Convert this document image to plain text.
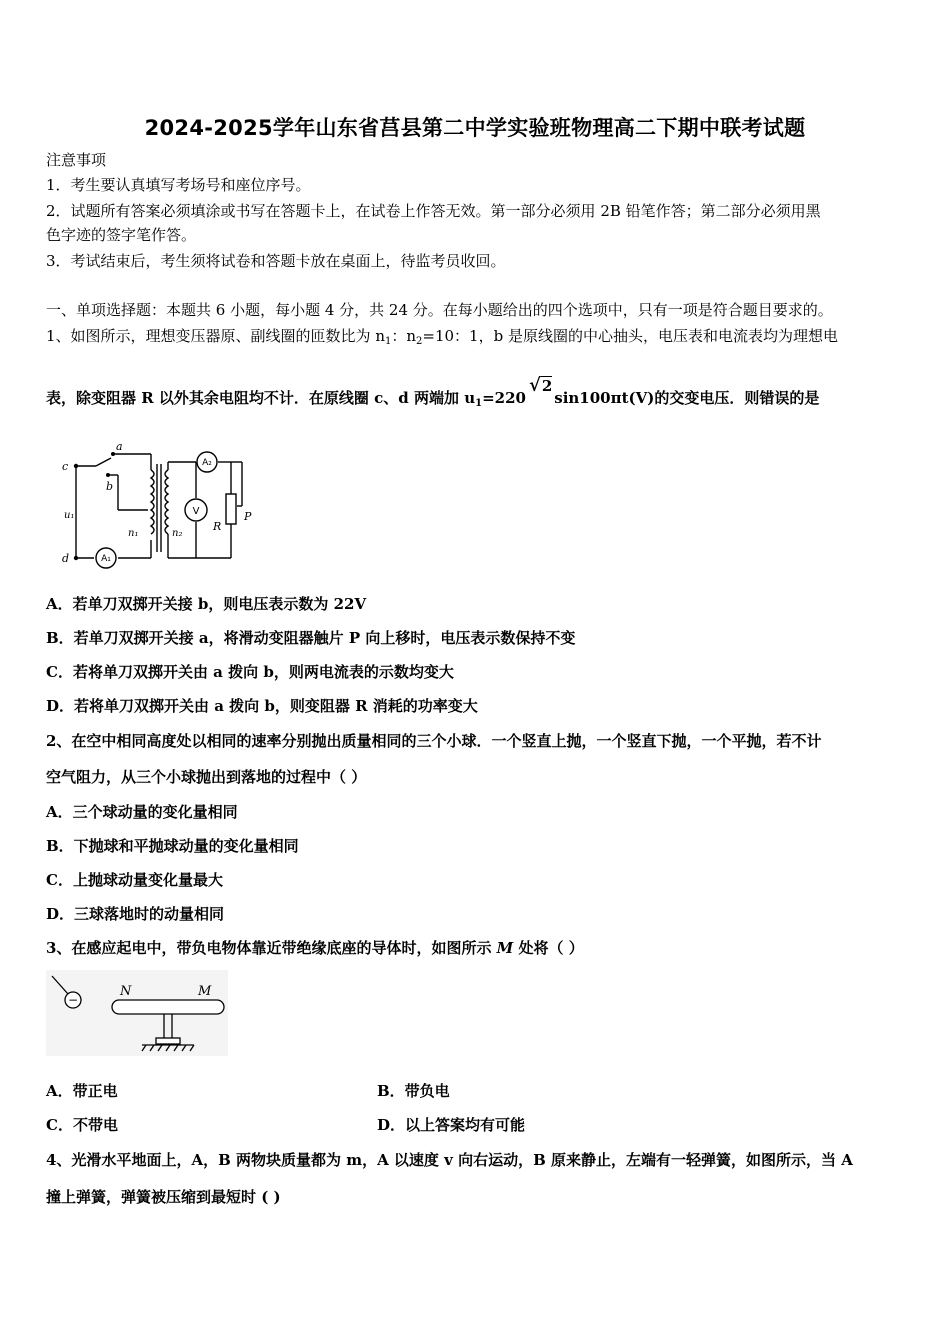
2024-2025学年山东省莒县第二中学实验班物理高二下期中联考试题
注意事项
1．考生要认真填写考场号和座位序号。
2．试题所有答案必须填涂或书写在答题卡上，在试卷上作答无效。第一部分必须用 2B 铅笔作答；第二部分必须用黑
色字迹的签字笔作答。
3．考试结束后，考生须将试卷和答题卡放在桌面上，待监考员收回。
一、单项选择题：本题共 6 小题，每小题 4 分，共 24 分。在每小题给出的四个选项中，只有一项是符合题目要求的。
1、如图所示，理想变压器原、副线圈的匝数比为 $n_1$：$n_2=10$：1，b 是原线圈的中心抽头，电压表和电流表均为理想电
表，除变阻器 R 以外其余电阻均不计．在原线圈 c、d 两端加 $u_1=220√2\sin 100\pi t(V)$的交变电压．则错误的是
c
d
a
b
u₁
n₁	n₂
R
P
A₁
A₂
V
A．若单刀双掷开关接 b，则电压表示数为 22V
B．若单刀双掷开关接 a，将滑动变阻器触片 P 向上移时，电压表示数保持不变
C．若将单刀双掷开关由 a 拨向 b，则两电流表的示数均变大
D．若将单刀双掷开关由 a 拨向 b，则变阻器 R 消耗的功率变大
2、在空中相同高度处以相同的速率分别抛出质量相同的三个小球．一个竖直上抛，一个竖直下抛，一个平抛，若不计
空气阻力，从三个小球抛出到落地的过程中（ ）
A．三个球动量的变化量相同
B．下抛球和平抛球动量的变化量相同
C．上抛球动量变化量最大
D．三球落地时的动量相同
3、在感应起电中，带负电物体靠近带绝缘底座的导体时，如图所示 M 处将（ ）
N	M
−
A．带正电	B．带负电
C．不带电	D．以上答案均有可能
4、光滑水平地面上，A，B 两物块质量都为 m，A 以速度 v 向右运动，B 原来静止，左端有一轻弹簧，如图所示，当 A
撞上弹簧，弹簧被压缩到最短时 ( )
